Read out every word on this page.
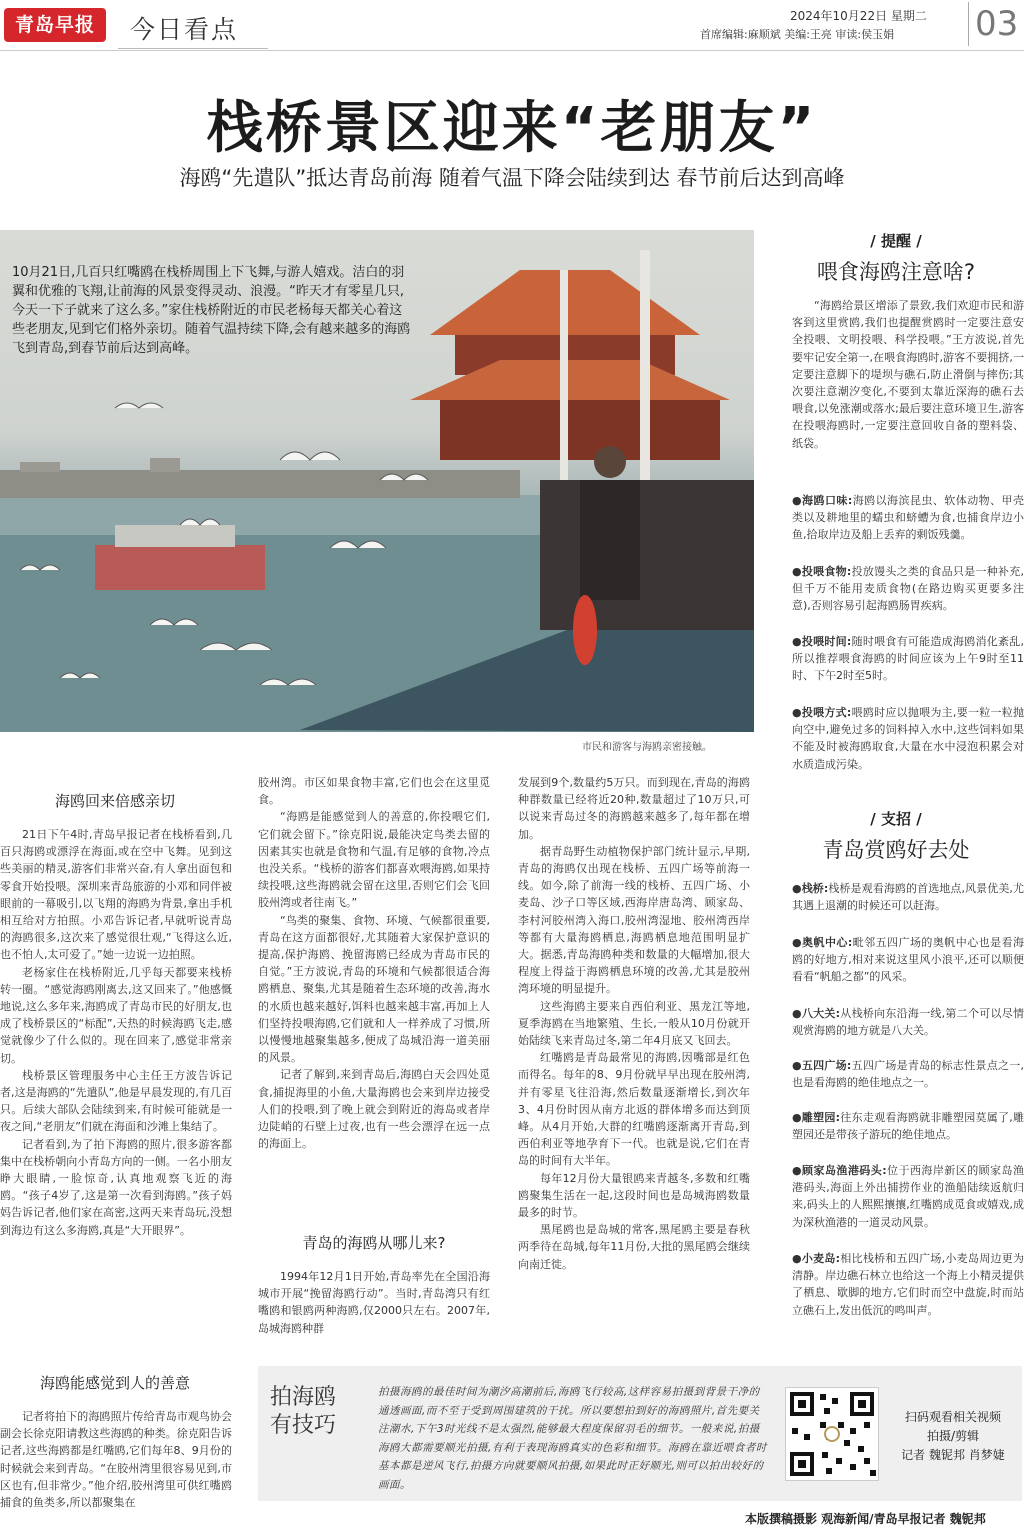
青岛早报	今日看点	2024年10月22日 星期二
首席编辑:麻顺斌 美编:王亮 审读:侯玉娟 03
栈桥景区迎来“老朋友”
海鸥“先遣队”抵达青岛前海 随着气温下降会陆续到达 春节前后达到高峰
10月21日,几百只红嘴鸥在栈桥周围上下飞舞,与游人嬉戏。洁白的羽翼和优雅的飞翔,让前海的风景变得灵动、浪漫。“昨天才有零星几只,今天一下子就来了这么多。”家住栈桥附近的市民老杨每天都关心着这些老朋友,见到它们格外亲切。随着气温持续下降,会有越来越多的海鸥飞到青岛,到春节前后达到高峰。
市民和游客与海鸥亲密接触。
/ 提醒 /
喂食海鸥注意啥?
“海鸥给景区增添了景致,我们欢迎市民和游客到这里赏鸥,我们也提醒赏鸥时一定要注意安全投喂、文明投喂、科学投喂。”王方波说,首先要牢记安全第一,在喂食海鸥时,游客不要拥挤,一定要注意脚下的堤坝与礁石,防止滑倒与摔伤;其次要注意潮汐变化,不要到太靠近深海的礁石去喂食,以免涨潮或落水;最后要注意环境卫生,游客在投喂海鸥时,一定要注意回收自备的塑料袋、纸袋。
●海鸥口味:海鸥以海滨昆虫、软体动物、甲壳类以及耕地里的蠕虫和蛴螬为食,也捕食岸边小鱼,拾取岸边及船上丢弃的剩饭残羹。
●投喂食物:投放馒头之类的食品只是一种补充,但千万不能用麦质食物(在路边购买更要多注意),否则容易引起海鸥肠胃疾病。
●投喂时间:随时喂食有可能造成海鸥消化紊乱,所以推荐喂食海鸥的时间应该为上午9时至11时、下午2时至5时。
●投喂方式:喂鸥时应以抛喂为主,要一粒一粒抛向空中,避免过多的饲料掉入水中,这些饲料如果不能及时被海鸥取食,大量在水中浸泡积累会对水质造成污染。
/ 支招 /
青岛赏鸥好去处
●栈桥:栈桥是观看海鸥的首选地点,风景优美,尤其遇上退潮的时候还可以赶海。
●奥帆中心:毗邻五四广场的奥帆中心也是看海鸥的好地方,相对来说这里风小浪平,还可以顺便看看“帆船之都”的风采。
●八大关:从栈桥向东沿海一线,第二个可以尽情观赏海鸥的地方就是八大关。
●五四广场:五四广场是青岛的标志性景点之一,也是看海鸥的绝佳地点之一。
●雕塑园:往东走观看海鸥就非雕塑园莫属了,雕塑园还是带孩子游玩的绝佳地点。
●顾家岛渔港码头:位于西海岸新区的顾家岛渔港码头,海面上外出捕捞作业的渔船陆续返航归来,码头上的人熙熙攘攘,红嘴鸥成觅食或嬉戏,成为深秋渔港的一道灵动风景。
●小麦岛:相比栈桥和五四广场,小麦岛周边更为清静。岸边礁石林立也给这一个海上小精灵提供了栖息、歇脚的地方,它们时而空中盘旋,时而站立礁石上,发出低沉的鸣叫声。
海鸥回来倍感亲切

21日下午4时,青岛早报记者在栈桥看到,几百只海鸥或漂浮在海面,或在空中飞舞。见到这些美丽的精灵,游客们非常兴奋,有人拿出面包和零食开始投喂。深圳来青岛旅游的小邓和同伴被眼前的一幕吸引,以飞翔的海鸥为背景,拿出手机相互给对方拍照。小邓告诉记者,早就听说青岛的海鸥很多,这次来了感觉很壮观,“飞得这么近,也不怕人,太可爱了。”她一边说一边拍照。

老杨家住在栈桥附近,几乎每天都要来栈桥转一圈。“感觉海鸥刚离去,这又回来了。”他感慨地说,这么多年来,海鸥成了青岛市民的好朋友,也成了栈桥景区的“标配”,天热的时候海鸥飞走,感觉就像少了什么似的。现在回来了,感觉非常亲切。

栈桥景区管理服务中心主任王方波告诉记者,这是海鸥的“先遣队”,他是早晨发现的,有几百只。后续大部队会陆续到来,有时候可能就是一夜之间,“老朋友”们就在海面和沙滩上集结了。

记者看到,为了拍下海鸥的照片,很多游客都集中在栈桥朝向小青岛方向的一侧。一名小朋友睁大眼睛,一脸惊奇,认真地观察飞近的海鸥。“孩子4岁了,这是第一次看到海鸥。”孩子妈妈告诉记者,他们家在高密,这两天来青岛玩,没想到海边有这么多海鸥,真是“大开眼界”。

海鸥能感觉到人的善意

记者将拍下的海鸥照片传给青岛市观鸟协会副会长徐克阳请教这些海鸥的种类。徐克阳告诉记者,这些海鸥都是红嘴鸥,它们每年8、9月份的时候就会来到青岛。“在胶州湾里很容易见到,市区也有,但非常少。”他介绍,胶州湾里可供红嘴鸥捕食的鱼类多,所以都聚集在

胶州湾。市区如果食物丰富,它们也会在这里觅食。

“海鸥是能感觉到人的善意的,你投喂它们,它们就会留下。”徐克阳说,最能决定鸟类去留的因素其实也就是食物和气温,有足够的食物,冷点也没关系。“栈桥的游客们都喜欢喂海鸥,如果持续投喂,这些海鸥就会留在这里,否则它们会飞回胶州湾或者往南飞。”

“鸟类的聚集、食物、环境、气候都很重要,青岛在这方面都很好,尤其随着大家保护意识的提高,保护海鸥、挽留海鸥已经成为青岛市民的自觉。”王方波说,青岛的环境和气候都很适合海鸥栖息、聚集,尤其是随着生态环境的改善,海水的水质也越来越好,饵料也越来越丰富,再加上人们坚持投喂海鸥,它们就和人一样养成了习惯,所以慢慢地越聚集越多,便成了岛城沿海一道美丽的风景。

记者了解到,来到青岛后,海鸥白天会四处觅食,捕捉海里的小鱼,大量海鸥也会来到岸边接受人们的投喂,到了晚上就会到附近的海岛或者岸边陡峭的石壁上过夜,也有一些会漂浮在远一点的海面上。

青岛的海鸥从哪儿来?

1994年12月1日开始,青岛率先在全国沿海城市开展“挽留海鸥行动”。当时,青岛湾只有红嘴鸥和银鸥两种海鸥,仅2000只左右。2007年,岛城海鸥种群

发展到9个,数量约5万只。而到现在,青岛的海鸥种群数量已经将近20种,数量超过了10万只,可以说来青岛过冬的海鸥越来越多了,每年都在增加。

据青岛野生动植物保护部门统计显示,早期,青岛的海鸥仅出现在栈桥、五四广场等前海一线。如今,除了前海一线的栈桥、五四广场、小麦岛、沙子口等区域,西海岸唐岛湾、顾家岛、李村河胶州湾入海口,胶州湾湿地、胶州湾西岸等都有大量海鸥栖息,海鸥栖息地范围明显扩大。据悉,青岛海鸥种类和数量的大幅增加,很大程度上得益于海鸥栖息环境的改善,尤其是胶州湾环境的明显提升。

这些海鸥主要来自西伯利亚、黑龙江等地,夏季海鸥在当地繁殖、生长,一般从10月份就开始陆续飞来青岛过冬,第二年4月底又飞回去。

红嘴鸥是青岛最常见的海鸥,因嘴部是红色而得名。每年的8、9月份就早早出现在胶州湾,并有零星飞往沿海,然后数量逐渐增长,到次年3、4月份时因从南方北返的群体增多而达到顶峰。从4月开始,大群的红嘴鸥逐渐离开青岛,到西伯利亚等地孕育下一代。也就是说,它们在青岛的时间有大半年。

每年12月份大量银鸥来青越冬,多数和红嘴鸥聚集生活在一起,这段时间也是岛城海鸥数量最多的时节。

黑尾鸥也是岛城的常客,黑尾鸥主要是春秋两季待在岛城,每年11月份,大批的黑尾鸥会继续向南迁徙。

拍海鸥有技巧
拍摄海鸥的最佳时间为潮汐高潮前后,海鸥飞行较高,这样容易拍摄到背景干净的通透画面,而不至于受到周围建筑的干扰。所以要想拍到好的海鸥照片,首先要关注潮水,下午3时光线不是太强烈,能够最大程度保留羽毛的细节。一般来说,拍摄海鸥大都需要顺光拍摄,有利于表现海鸥真实的色彩和细节。海鸥在靠近喂食者时基本都是逆风飞行,拍摄方向就要顺风拍摄,如果此时正好顺光,则可以拍出较好的画面。
扫码观看相关视频
拍摄/剪辑
记者 魏铌邦 肖梦婕
本版撰稿摄影 观海新闻/青岛早报记者 魏铌邦
